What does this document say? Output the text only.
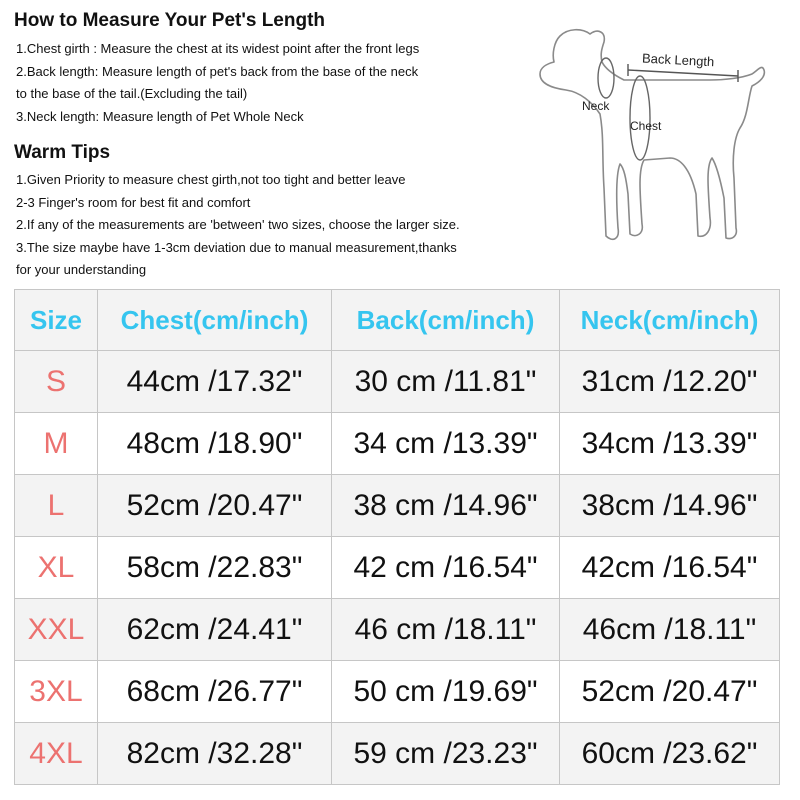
How to Measure Your Pet's Length
1.Chest girth : Measure the chest at its widest point after the front legs
2.Back length: Measure length of pet's back from the base of the neck
to the base of the tail.(Excluding the tail)
3.Neck length: Measure length of Pet Whole Neck
Warm Tips
1.Given Priority to measure chest girth,not too tight and better leave
2-3 Finger's room for best fit and comfort
2.If any of the measurements are 'between' two sizes, choose the larger size.
3.The size maybe have 1-3cm deviation due to manual measurement,thanks
for your understanding
Back Length
Neck
Chest
Size	Chest(cm/inch)	Back(cm/inch)	Neck(cm/inch)
S	44cm /17.32"	30 cm /11.81"	31cm /12.20"
M	48cm /18.90"	34 cm /13.39"	34cm /13.39"
L	52cm /20.47"	38 cm /14.96"	38cm /14.96"
XL	58cm /22.83"	42 cm /16.54"	42cm /16.54"
XXL	62cm /24.41"	46 cm /18.11"	46cm /18.11"
3XL	68cm /26.77"	50 cm /19.69"	52cm /20.47"
4XL	82cm /32.28"	59 cm /23.23"	60cm /23.62"
